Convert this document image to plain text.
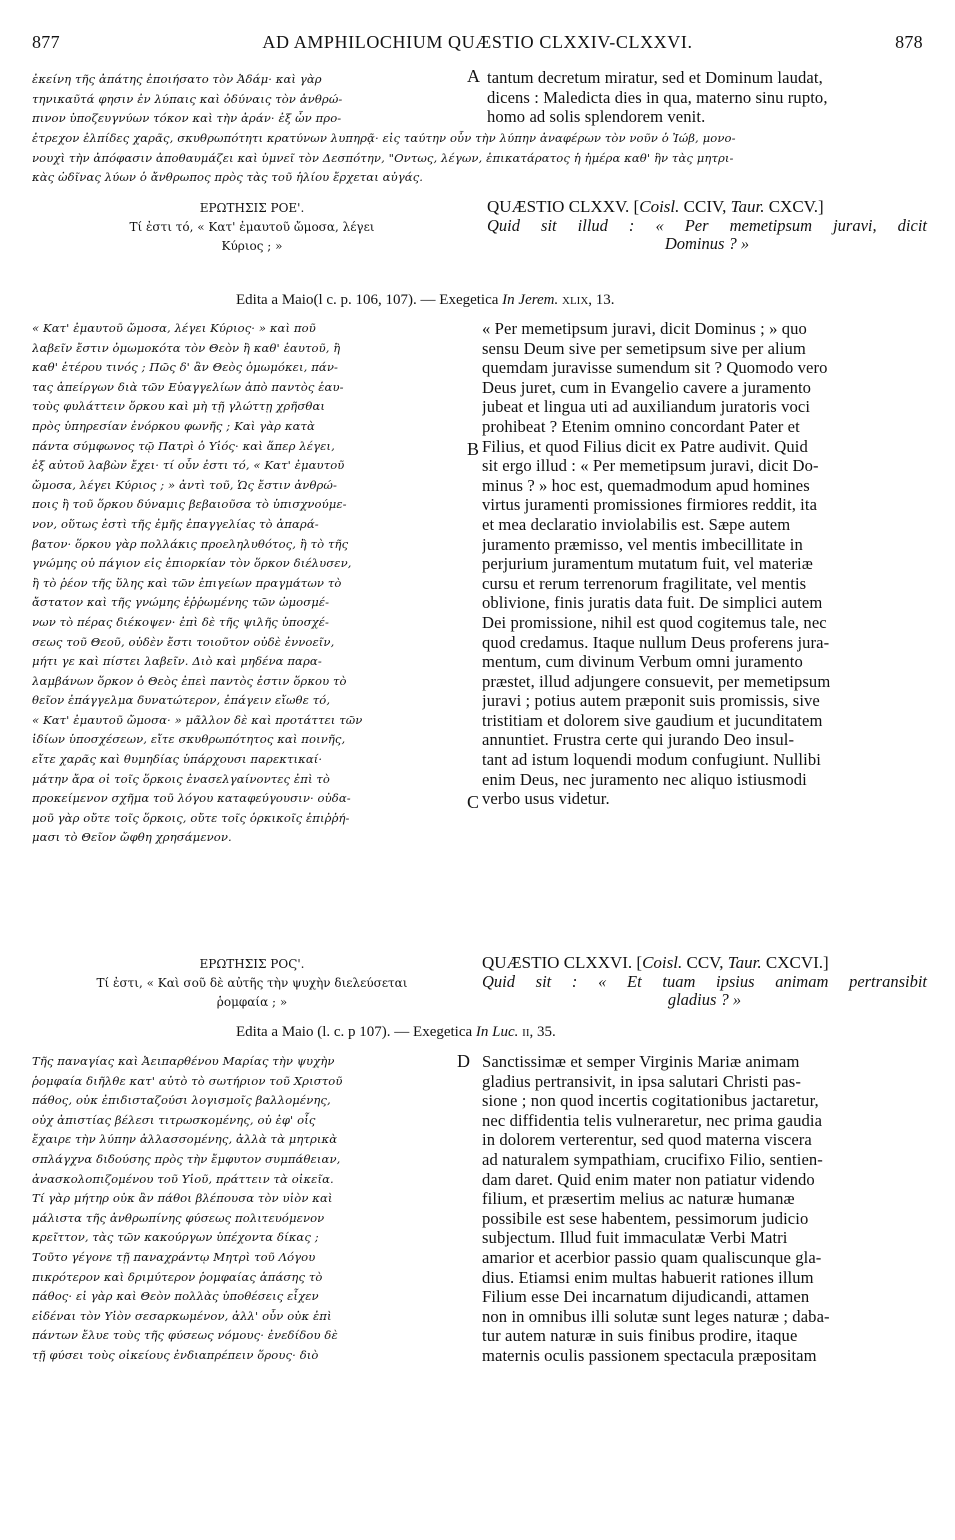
877	AD AMPHILOCHIUM QUÆSTIO CLXXIV-CLXXVI.	878
A
B
C
D
ἐκείνη τῆς ἀπάτης ἐποιήσατο τὸν Ἀδάμ· καὶ γὰρ
τηνικαῦτά φησιν ἐν λύπαις καὶ ὀδύναις τὸν ἀνθρώ-
πινον ὑποζευγνύων τόκον καὶ τὴν ἀράν· ἐξ ὧν προ-
tantum decretum miratur, sed et Dominum laudat,
dicens : Maledicta dies in qua, materno sinu rupto,
homo ad solis splendorem venit.
ἐτρεχον ἐλπίδες χαρᾶς, σκυθρωπότητι κρατύνων λυπηρᾷ· εἰς ταύτην οὖν τὴν λύπην ἀναφέρων τὸν νοῦν ὁ Ἰώβ, μονο-
νουχὶ τὴν ἀπόφασιν ἀποθαυμάζει καὶ ὑμνεῖ τὸν Δεσπότην, "Οντως, λέγων, ἐπικατάρατος ἡ ἡμέρα καθ' ἣν τὰς μητρι-
κὰς ὠδῖνας λύων ὁ ἄνθρωπος πρὸς τὰς τοῦ ἡλίου ἔρχεται αὐγάς.
ΕΡΩΤΗΣΙΣ ΡΟΕ'.
Τί ἐστι τό, « Κατ' ἐμαυτοῦ ὤμοσα, λέγει
Κύριος ; »
QUÆSTIO CLXXV. [Coisl. CCIV, Taur. CXCV.]
Quid sit illud : « Per memetipsum juravi, dicit
Dominus ? »
Edita a Maio(l c. p. 106, 107). — Exegetica In Jerem. xlix, 13.
« Κατ' ἐμαυτοῦ ὤμοσα, λέγει Κύριος· » καὶ ποῦ
λαβεῖν ἔστιν ὀμωμοκότα τὸν Θεὸν ἢ καθ' ἑαυτοῦ, ἢ
καθ' ἑτέρου τινός ; Πῶς δ' ἂν Θεὸς ὀμωμόκει, πάν-
τας ἀπείργων διὰ τῶν Εὐαγγελίων ἀπὸ παντὸς ἑαυ-
τοὺς φυλάττειν ὅρκου καὶ μὴ τῇ γλώττῃ χρῆσθαι
πρὸς ὑπηρεσίαν ἐνόρκου φωνῆς ; Καὶ γὰρ κατὰ
πάντα σύμφωνος τῷ Πατρὶ ὁ Υἱός· καὶ ἅπερ λέγει,
ἐξ αὐτοῦ λαβὼν ἔχει· τί οὖν ἐστι τό, « Κατ' ἐμαυτοῦ
ὤμοσα, λέγει Κύριος ; » ἀντὶ τοῦ, Ὡς ἔστιν ἀνθρώ-
ποις ἢ τοῦ ὅρκου δύναμις βεβαιοῦσα τὸ ὑπισχνούμε-
νον, οὕτως ἐστὶ τῆς ἐμῆς ἐπαγγελίας τὸ ἀπαρά-
βατον· ὅρκου γὰρ πολλάκις προεληλυθότος, ἢ τὸ τῆς
γνώμης οὐ πάγιον εἰς ἐπιορκίαν τὸν ὅρκον διέλυσεν,
ἢ τὸ ῥέον τῆς ὕλης καὶ τῶν ἐπιγείων πραγμάτων τὸ
ἄστατον καὶ τῆς γνώμης ἐῤῥωμένης τῶν ὠμοσμέ-
νων τὸ πέρας διέκοψεν· ἐπὶ δὲ τῆς ψιλῆς ὑποσχέ-
σεως τοῦ Θεοῦ, οὐδὲν ἔστι τοιοῦτον οὐδὲ ἐννοεῖν,
μήτι γε καὶ πίστει λαβεῖν. Διὸ καὶ μηδένα παρα-
λαμβάνων ὅρκον ὁ Θεὸς ἐπεὶ παντὸς ἐστιν ὅρκου τὸ
θεῖον ἐπάγγελμα δυνατώτερον, ἐπάγειν εἴωθε τό,
« Κατ' ἐμαυτοῦ ὤμοσα· » μᾶλλον δὲ καὶ προτάττει τῶν
ἰδίων ὑποσχέσεων, εἴτε σκυθρωπότητος καὶ ποινῆς,
εἴτε χαρᾶς καὶ θυμηδίας ὑπάρχουσι παρεκτικαί·
μάτην ἄρα οἱ τοῖς ὅρκοις ἐνασελγαίνοντες ἐπὶ τὸ
προκείμενον σχῆμα τοῦ λόγου καταφεύγουσιν· οὐδα-
μοῦ γὰρ οὔτε τοῖς ὅρκοις, οὔτε τοῖς ὁρκικοῖς ἐπιῤῥή-
μασι τὸ Θεῖον ὤφθη χρησάμενον.
« Per memetipsum juravi, dicit Dominus ; » quo
sensu Deum sive per semetipsum sive per alium
quemdam juravisse sumendum sit ? Quomodo vero
Deus juret, cum in Evangelio cavere a juramento
jubeat et lingua uti ad auxiliandum juratoris voci
prohibeat ? Etenim omnino concordant Pater et
Filius, et quod Filius dicit ex Patre audivit. Quid
sit ergo illud : « Per memetipsum juravi, dicit Do-
minus ? » hoc est, quemadmodum apud homines
virtus juramenti promissiones firmiores reddit, ita
et mea declaratio inviolabilis est. Sæpe autem
juramento præmisso, vel mentis imbecillitate in
perjurium juramentum mutatum fuit, vel materiæ
cursu et rerum terrenorum fragilitate, vel mentis
oblivione, finis juratis data fuit. De simplici autem
Dei promissione, nihil est quod cogitemus tale, nec
quod credamus. Itaque nullum Deus proferens jura-
mentum, cum divinum Verbum omni juramento
præstet, illud adjungere consuevit, per memetipsum
juravi ; potius autem præponit suis promissis, sive
tristitiam et dolorem sive gaudium et jucunditatem
annuntiet. Frustra certe qui jurando Deo insul-
tant ad istum loquendi modum confugiunt. Nullibi
enim Deus, nec juramento nec aliquo istiusmodi
verbo usus videtur.
ΕΡΩΤΗΣΙΣ ΡΟϚ'.
Τί ἐστι, « Καὶ σοῦ δὲ αὐτῆς τὴν ψυχὴν διελεύσεται
ῥομφαία ; »
QUÆSTIO CLXXVI. [Coisl. CCV, Taur. CXCVI.]
Quid sit : « Et tuam ipsius animam pertransibit
gladius ? »
Edita a Maio (l. c. p 107). — Exegetica In Luc. ii, 35.
Τῆς παναγίας καὶ Ἀειπαρθένου Μαρίας τὴν ψυχὴν
ῥομφαία διῆλθε κατ' αὐτὸ τὸ σωτήριον τοῦ Χριστοῦ
πάθος, οὐκ ἐπιδισταζούσι λογισμοῖς βαλλομένης,
οὐχ ἀπιστίας βέλεσι τιτρωσκομένης, οὐ ἐφ' οἷς
ἔχαιρε τὴν λύπην ἀλλασσομένης, ἀλλὰ τὰ μητρικὰ
σπλάγχνα διδούσης πρὸς τὴν ἔμφυτον συμπάθειαν,
ἀνασκολοπιζομένου τοῦ Υἱοῦ, πράττειν τὰ οἰκεῖα.
Τί γὰρ μήτηρ οὐκ ἂν πάθοι βλέπουσα τὸν υἱὸν καὶ
μάλιστα τῆς ἀνθρωπίνης φύσεως πολιτευόμενον
κρεῖττον, τὰς τῶν κακούργων ὑπέχοντα δίκας ;
Τοῦτο γέγονε τῇ παναχράντῳ Μητρὶ τοῦ Λόγου
πικρότερον καὶ δριμύτερον ῥομφαίας ἁπάσης τὸ
πάθος· εἰ γὰρ καὶ Θεὸν πολλὰς ὑποθέσεις εἶχεν
εἰδέναι τὸν Υἱὸν σεσαρκωμένον, ἀλλ' οὖν οὐκ ἐπὶ
πάντων ἔλυε τοὺς τῆς φύσεως νόμους· ἐνεδίδου δὲ
τῇ φύσει τοὺς οἰκείους ἐνδιαπρέπειν ὅρους· διὸ
Sanctissimæ et semper Virginis Mariæ animam
gladius pertransivit, in ipsa salutari Christi pas-
sione ; non quod incertis cogitationibus jactaretur,
nec diffidentia telis vulneraretur, nec prima gaudia
in dolorem verterentur, sed quod materna viscera
ad naturalem sympathiam, crucifixo Filio, sentien-
dam daret. Quid enim mater non patiatur videndo
filium, et præsertim melius ac naturæ humanæ
possibile est sese habentem, pessimorum judicio
subjectum. Illud fuit immaculatæ Verbi Matri
amarior et acerbior passio quam qualiscunque gla-
dius. Etiamsi enim multas habuerit rationes illum
Filium esse Dei incarnatum dijudicandi, attamen
non in omnibus illi solutæ sunt leges naturæ ; daba-
tur autem naturæ in suis finibus prodire, itaque
maternis oculis passionem spectacula præpositam
